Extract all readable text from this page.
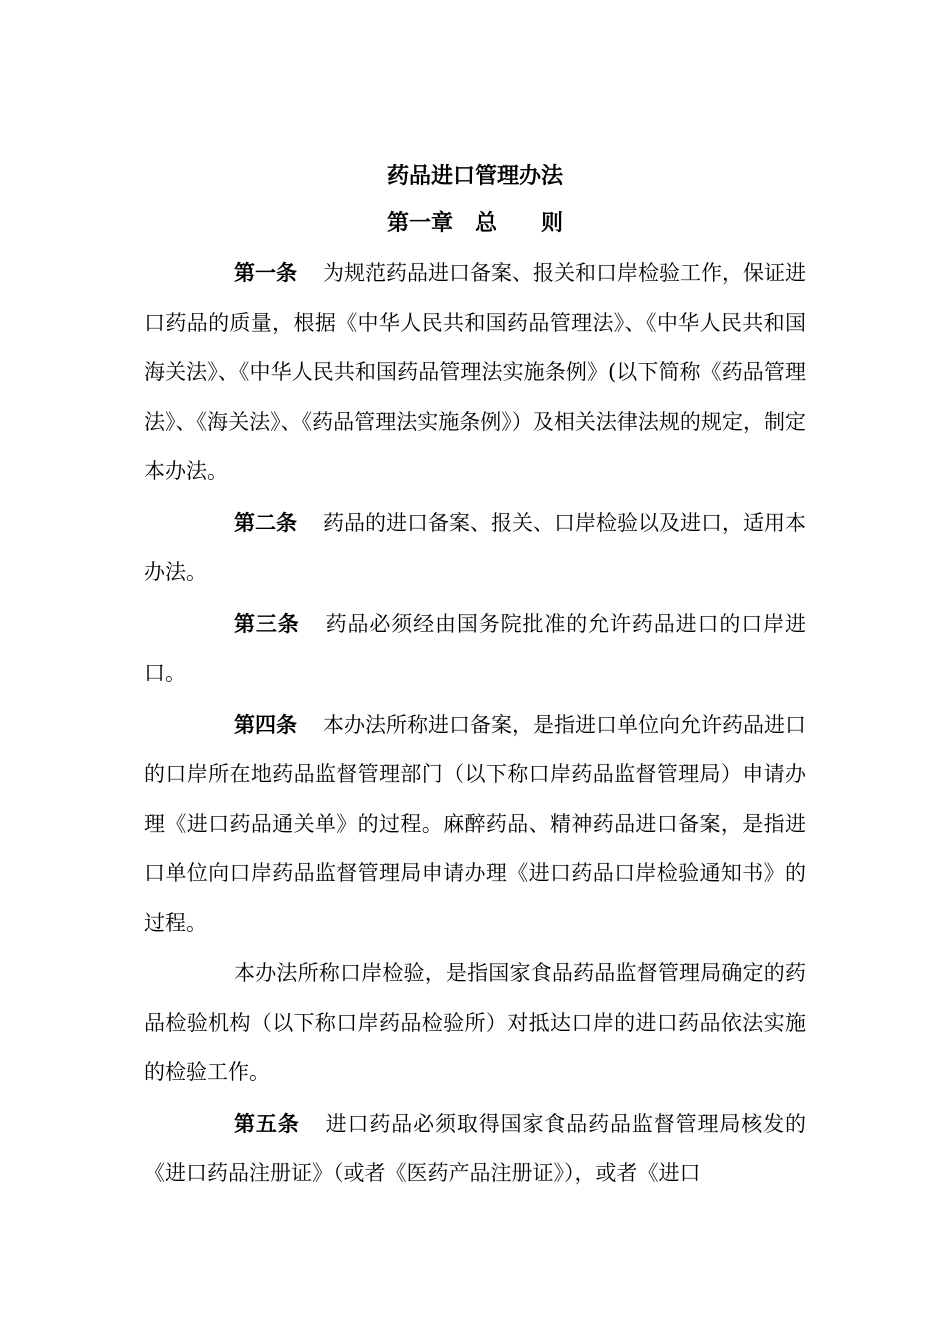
药品进口管理办法
第一章　总　　则

第一条 为规范药品进口备案、报关和口岸检验工作，保证进口药品的质量，根据《中华人民共和国药品管理法》、《中华人民共和国海关法》、《中华人民共和国药品管理法实施条例》(以下简称《药品管理法》、《海关法》、《药品管理法实施条例》）及相关法律法规的规定，制定本办法。

第二条 药品的进口备案、报关、口岸检验以及进口，适用本办法。

第三条 药品必须经由国务院批准的允许药品进口的口岸进口。

第四条 本办法所称进口备案，是指进口单位向允许药品进口的口岸所在地药品监督管理部门（以下称口岸药品监督管理局）申请办理《进口药品通关单》的过程。麻醉药品、精神药品进口备案，是指进口单位向口岸药品监督管理局申请办理《进口药品口岸检验通知书》的过程。

本办法所称口岸检验，是指国家食品药品监督管理局确定的药品检验机构（以下称口岸药品检验所）对抵达口岸的进口药品依法实施的检验工作。

第五条 进口药品必须取得国家食品药品监督管理局核发的《进口药品注册证》（或者《医药产品注册证》），或者《进口
